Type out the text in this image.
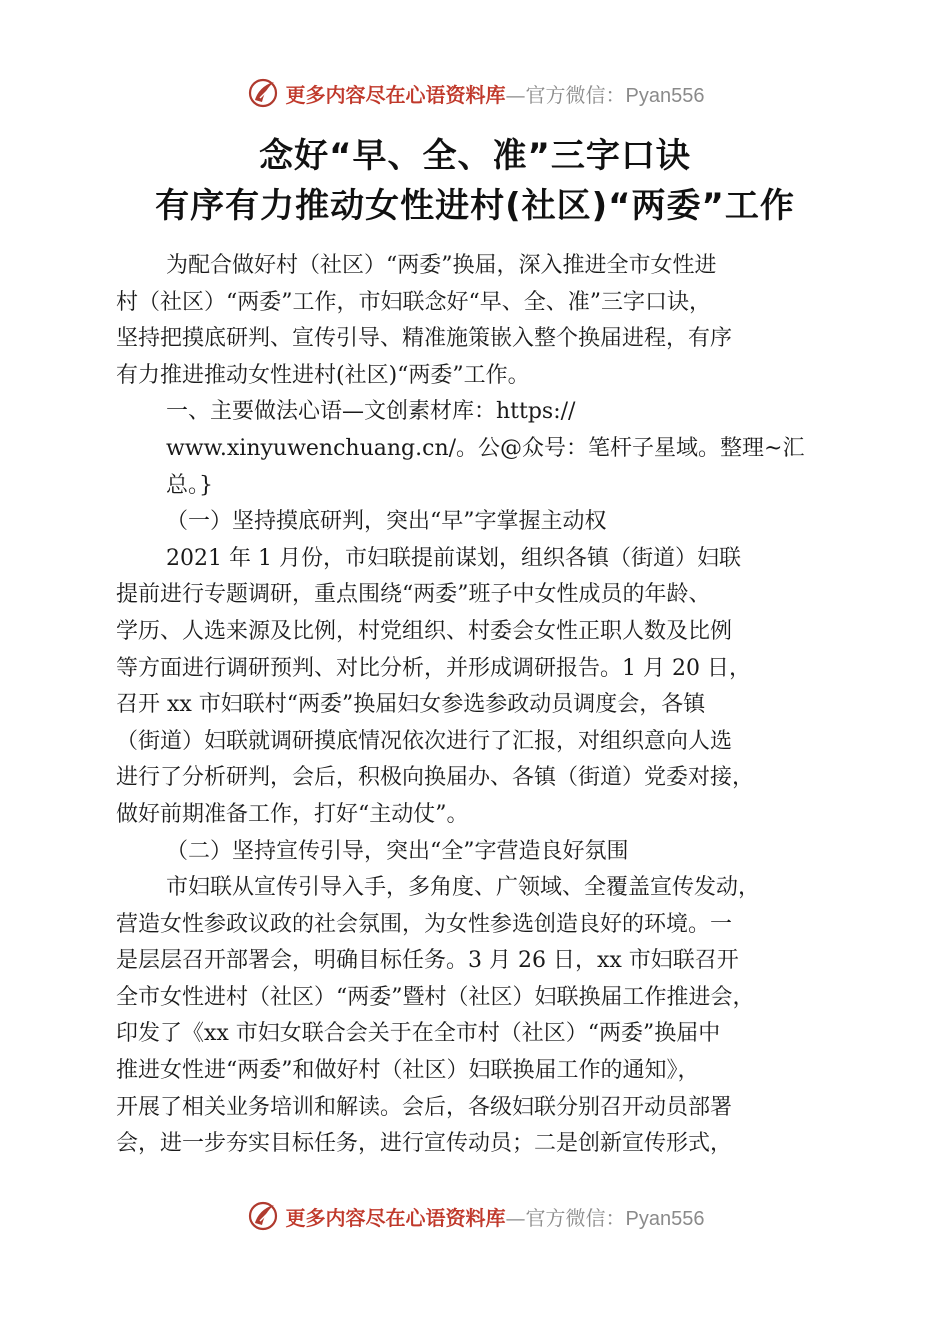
更多内容尽在心语资料库—官方微信：Pyan556
念好“早、全、准”三字口诀
有序有力推动女性进村(社区)“两委”工作
为配合做好村（社区）“两委”换届，深入推进全市女性进
村（社区）“两委”工作，市妇联念好“早、全、准”三字口诀，
坚持把摸底研判、宣传引导、精准施策嵌入整个换届进程，有序
有力推进推动女性进村(社区)“两委”工作。
一、主要做法心语—文创素材库：https://
www.xinyuwenchuang.cn/。公@众号：笔杆子星域。整理~汇
总。}
（一）坚持摸底研判，突出“早”字掌握主动权
2021 年 1 月份，市妇联提前谋划，组织各镇（街道）妇联
提前进行专题调研，重点围绕“两委”班子中女性成员的年龄、
学历、人选来源及比例，村党组织、村委会女性正职人数及比例
等方面进行调研预判、对比分析，并形成调研报告。1 月 20 日，
召开 xx 市妇联村“两委”换届妇女参选参政动员调度会，各镇
（街道）妇联就调研摸底情况依次进行了汇报，对组织意向人选
进行了分析研判，会后，积极向换届办、各镇（街道）党委对接，
做好前期准备工作，打好“主动仗”。
（二）坚持宣传引导，突出“全”字营造良好氛围
市妇联从宣传引导入手，多角度、广领域、全覆盖宣传发动，
营造女性参政议政的社会氛围，为女性参选创造良好的环境。一
是层层召开部署会，明确目标任务。3 月 26 日，xx 市妇联召开
全市女性进村（社区）“两委”暨村（社区）妇联换届工作推进会，
印发了《xx 市妇女联合会关于在全市村（社区）“两委”换届中
推进女性进“两委”和做好村（社区）妇联换届工作的通知》，
开展了相关业务培训和解读。会后，各级妇联分别召开动员部署
会，进一步夯实目标任务，进行宣传动员；二是创新宣传形式，
更多内容尽在心语资料库—官方微信：Pyan556
